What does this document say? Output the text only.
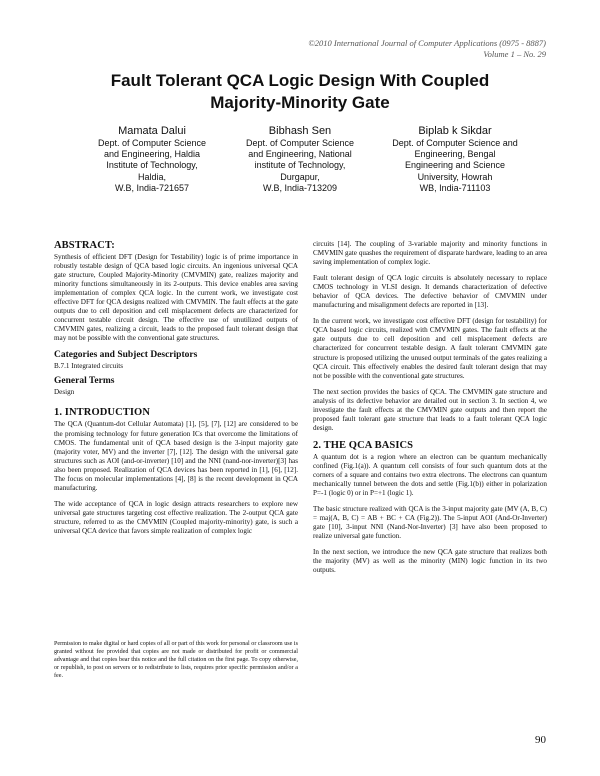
©2010 International Journal of Computer Applications (0975 - 8887)
Volume 1 – No. 29
Fault Tolerant QCA Logic Design With Coupled
Majority-Minority Gate
Mamata Dalui
Dept. of Computer Science
and Engineering, Haldia
Institute of Technology,
Haldia,
W.B, India-721657
Bibhash Sen
Dept. of Computer Science
and Engineering, National
institute of Technology,
Durgapur,
W.B, India-713209
Biplab k Sikdar
Dept. of Computer Science and
Engineering, Bengal
Engineering and Science
University, Howrah
WB, India-711103
ABSTRACT:

Synthesis of efficient DFT (Design for Testability) logic is of prime importance in robustly testable design of QCA based logic circuits. An ingenious universal QCA gate structure, Coupled Majority-Minority (CMVMIN) gate, realizes majority and minority functions simultaneously in its 2-outputs. This device enables area saving implementation of complex QCA logic. In the current work, we investigate cost effective DFT for QCA designs realized with CMVMIN. The fault effects at the gate outputs due to cell deposition and cell misplacement defects are characterized for concurrent testable circuit design. The effective use of unutilized outputs of CMVMIN gates, realizing a circuit, leads to the proposed fault tolerant design that may not be possible with the conventional gate structures.

Categories and Subject Descriptors
B.7.1 Integrated circuits
General Terms
Design
1. INTRODUCTION

The QCA (Quantum-dot Cellular Automata) [1], [5], [7], [12] are considered to be the promising technology for future generation ICs that overcome the limitations of CMOS. The fundamental unit of QCA based design is the 3-input majority gate (majority voter, MV) and the inverter [7], [12]. The design with the universal gate structures such as AOI (and-or-inverter) [10] and the NNI (nand-nor-inverter)[3] has also been proposed. Realization of QCA devices has been reported in [1], [6], [12]. The focus on molecular implementations [4], [8] is the recent development in QCA manufacturing.

The wide acceptance of QCA in logic design attracts researchers to explore new universal gate structures targeting cost effective realization. The 2-output QCA gate structure, referred to as the CMVMIN (Coupled majority-minority) gate, is such a universal QCA device that favors simple realization of complex logic

Permission to make digital or hard copies of all or part of this work for personal or classroom use is granted without fee provided that copies are not made or distributed for profit or commercial advantage and that copies bear this notice and the full citation on the first page. To copy otherwise, or republish, to post on servers or to redistribute to lists, requires prior specific permission and/or a fee.

circuits [14]. The coupling of 3-variable majority and minority functions in CMVMIN gate quashes the requirement of disparate hardware, leading to an area saving implementation of complex logic.

Fault tolerant design of QCA logic circuits is absolutely necessary to replace CMOS technology in VLSI design. It demands characterization of defective behavior of QCA devices. The defective behavior of CMVMIN under manufacturing and misalignment defects are reported in [13].

In the current work, we investigate cost effective DFT (design for testability) for QCA based logic circuits, realized with CMVMIN gates. The fault effects at the gate outputs due to cell deposition and cell misplacement defects are characterized for concurrent testable design. A fault tolerant CMVMIN gate structure is proposed utilizing the unused output terminals of the gates realizing a QCA circuit. This effectively enables the desired fault tolerant design that may not be possible with the conventional gate structures.

The next section provides the basics of QCA. The CMVMIN gate structure and analysis of its defective behavior are detailed out in section 3. In section 4, we investigate the fault effects at the CMVMIN gate outputs and then report the proposed fault tolerant gate structure that leads to a fault tolerant QCA logic design.

2. THE QCA BASICS

A quantum dot is a region where an electron can be quantum mechanically confined (Fig.1(a)). A quantum cell consists of four such quantum dots at the corners of a square and contains two extra electrons. The electrons can quantum mechanically tunnel between the dots and settle (Fig.1(b)) either in polarization P=-1 (logic 0) or in P=+1 (logic 1).

The basic structure realized with QCA is the 3-input majority gate (MV (A, B, C) = maj(A, B, C) = AB + BC + CA (Fig.2)). The 5-input AOI (And-Or-Inverter) gate [10], 3-input NNI (Nand-Nor-Inverter) [3] have also been proposed to realize universal gate function.

In the next section, we introduce the new QCA gate structure that realizes both the majority (MV) as well as the minority (MIN) logic function in its two outputs.

90
